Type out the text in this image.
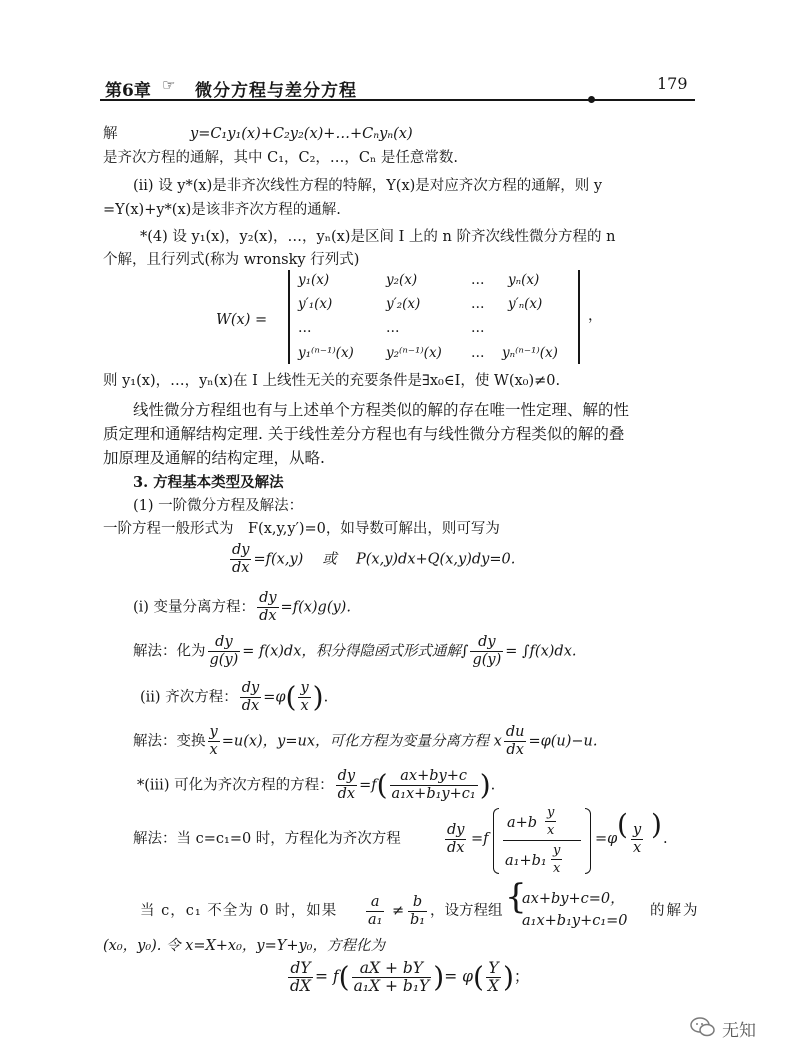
第6章 ☞ 微分方程与差分方程	179
解	y=C₁y₁(x)+C₂y₂(x)+…+Cₙyₙ(x)
是齐次方程的通解，其中 C₁，C₂，…，Cₙ 是任意常数.
(ii) 设 y*(x)是非齐次线性方程的特解，Y(x)是对应齐次方程的通解，则 y
=Y(x)+y*(x)是该非齐次方程的通解.
*(4) 设 y₁(x)，y₂(x)，…，yₙ(x)是区间 I 上的 n 阶齐次线性微分方程的 n
个解，且行列式(称为 wronsky 行列式)
W(x) =
y₁(x)	y₂(x)	… yₙ(x)
y′₁(x)	y′₂(x)	… y′ₙ(x)
…	…	…
y₁⁽ⁿ⁻¹⁾(x) y₂⁽ⁿ⁻¹⁾(x) … yₙ⁽ⁿ⁻¹⁾(x)
，
则 y₁(x)，…，yₙ(x)在 I 上线性无关的充要条件是∃x₀∈I，使 W(x₀)≠0.
线性微分方程组也有与上述单个方程类似的解的存在唯一性定理、解的性
质定理和通解结构定理. 关于线性差分方程也有与线性微分方程类似的解的叠
加原理及通解的结构定理，从略.
3. 方程基本类型及解法
(1) 一阶微分方程及解法：
一阶方程一般形式为　F(x,y,y′)=0，如导数可解出，则可写为
$\frac{dy}{dx} =f(x,y)$　 或 　P(x,y)dx+Q(x,y)dy=0.
(i) 变量分离方程： $\frac{dy}{dx} =f(x)g(y)$.
解法：化为 $\frac{dy}{g(y)} = f(x)dx$，积分得隐函式形式通解∫ $\frac{dy}{g(y)} = \int f(x)dx$.
(ii) 齐次方程： $\frac{dy}{dx} =\varphi( \frac{y}{x}$ ).
解法：变换 $\frac{y}{x} =u(x)$，y=ux，可化方程为变量分离方程 x $\frac{du}{dx} =\varphi(u)-u$.
*(iii) 可化为齐次方程的方程： $\frac{dy}{dx} =f( \frac{ax+by+c}{\text{a₁x+b₁y+c₁}}$ ).
解法：当 c=c₁=0 时，方程化为齐次方程	$\frac{dy}{dx} =f$
$a+b \frac{y}{x}$
$a_1+b_1 \frac{y}{x}$
=φ ( $\frac{y}{x}$ ) .
当 c，c₁ 不全为 0 时，如果 $\frac{a}{\text{a₁}} \ne \frac{b}{\text{b₁}}$ ，设方程组 {
ax+by+c=0，
a₁x+b₁y+c₁=0
的解为
(x₀，y₀). 令 x=X+x₀，y=Y+y₀，方程化为
$\frac{dY}{dX} = f( \frac{aX + bY}{\text{a₁X + b₁Y}}$ )= $\varphi( \frac{Y}{X}$ )；
无知
